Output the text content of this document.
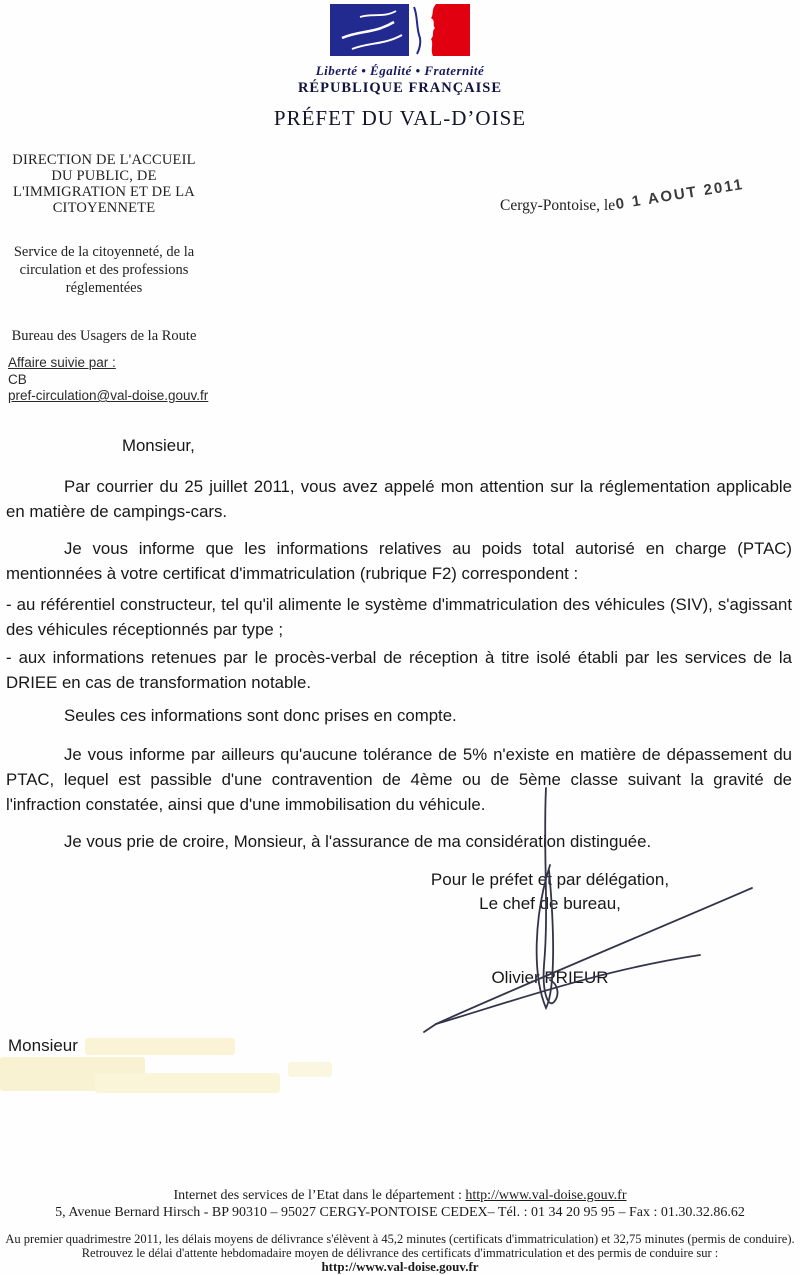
Liberté • Égalité • Fraternité
RÉPUBLIQUE FRANÇAISE
PRÉFET DU VAL-D’OISE
DIRECTION DE L'ACCUEIL DU PUBLIC, DE L'IMMIGRATION ET DE LA CITOYENNETE
Service de la citoyenneté, de la circulation et des professions réglementées
Bureau des Usagers de la Route
Affaire suivie par :
CB
pref-circulation@val-doise.gouv.fr
Cergy-Pontoise, le 0 1 AOUT 2011

Monsieur,

Par courrier du 25 juillet 2011, vous avez appelé mon attention sur la réglementation applicable en matière de campings-cars.

Je vous informe que les informations relatives au poids total autorisé en charge (PTAC) mentionnées à votre certificat d'immatriculation (rubrique F2) correspondent :

- au référentiel constructeur, tel qu'il alimente le système d'immatriculation des véhicules (SIV), s'agissant des véhicules réceptionnés par type ;

- aux informations retenues par le procès-verbal de réception à titre isolé établi par les services de la DRIEE en cas de transformation notable.

Seules ces informations sont donc prises en compte.

Je vous informe par ailleurs qu'aucune tolérance de 5% n'existe en matière de dépassement du PTAC, lequel est passible d'une contravention de 4ème ou de 5ème classe suivant la gravité de l'infraction constatée, ainsi que d'une immobilisation du véhicule.

Je vous prie de croire, Monsieur, à l'assurance de ma considération distinguée.

Pour le préfet et par délégation,
Le chef de bureau,
Olivier PRIEUR
Monsieur
Internet des services de l’Etat dans le département : http://www.val-doise.gouv.fr
5, Avenue Bernard Hirsch - BP 90310 – 95027 CERGY-PONTOISE CEDEX– Tél. : 01 34 20 95 95 – Fax : 01.30.32.86.62
Au premier quadrimestre 2011, les délais moyens de délivrance s'élèvent à 45,2 minutes (certificats d'immatriculation) et 32,75 minutes (permis de conduire).
Retrouvez le délai d'attente hebdomadaire moyen de délivrance des certificats d'immatriculation et des permis de conduire sur :
http://www.val-doise.gouv.fr
